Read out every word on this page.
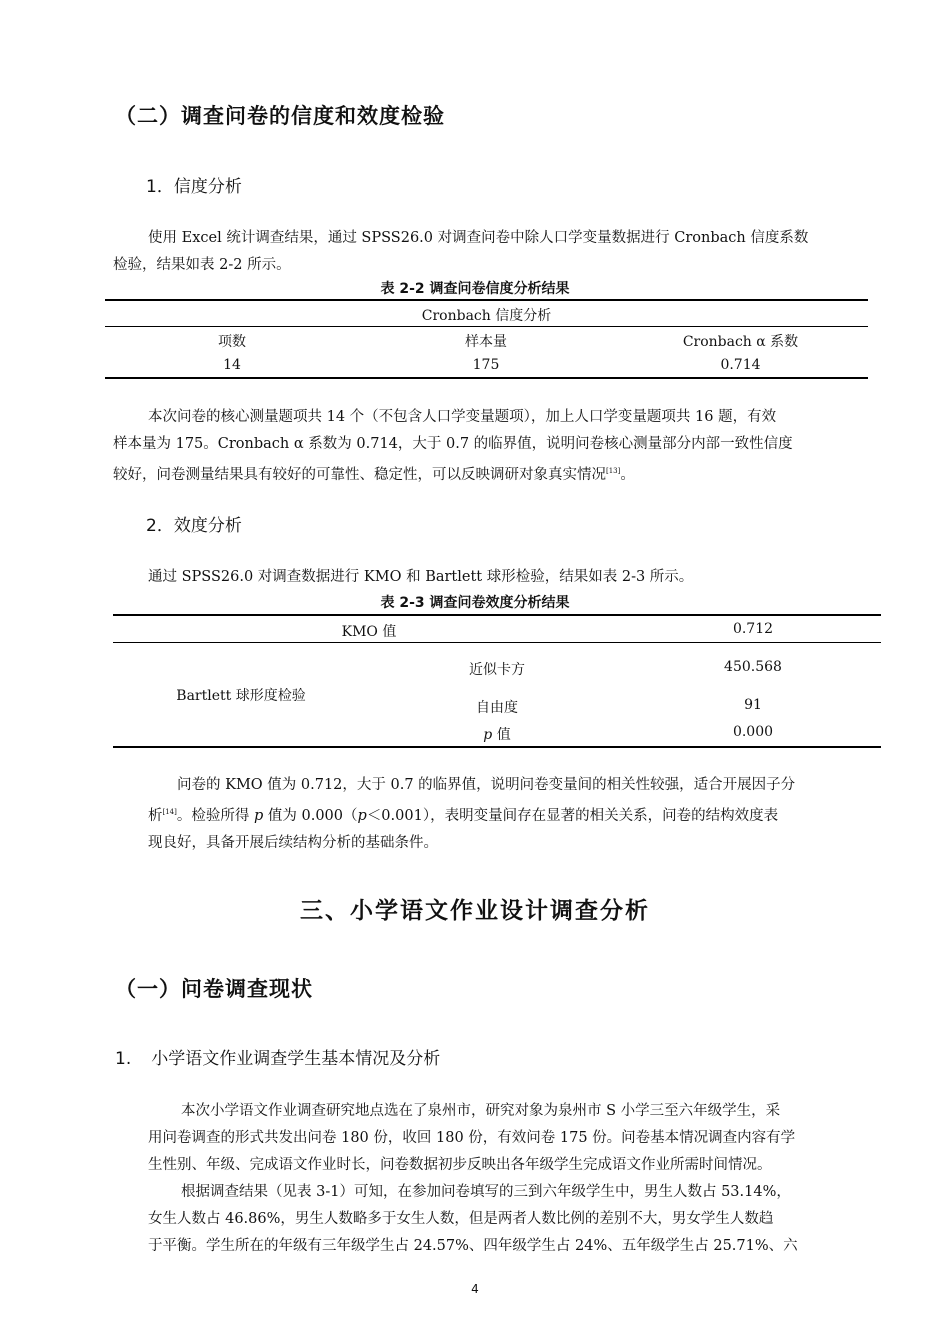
（二）调查问卷的信度和效度检验
1．信度分析

使用 Excel 统计调查结果，通过 SPSS26.0 对调查问卷中除人口学变量数据进行 Cronbach 信度系数

检验，结果如表 2-2 所示。

表 2-2 调查问卷信度分析结果
Cronbach 信度分析
项数	样本量	Cronbach α 系数
14	175	0.714

本次问卷的核心测量题项共 14 个（不包含人口学变量题项），加上人口学变量题项共 16 题，有效

样本量为 175。Cronbach α 系数为 0.714，大于 0.7 的临界值，说明问卷核心测量部分内部一致性信度

较好，问卷测量结果具有较好的可靠性、稳定性，可以反映调研对象真实情况[13]。

2．效度分析

通过 SPSS26.0 对调查数据进行 KMO 和 Bartlett 球形检验，结果如表 2-3 所示。

表 2-3 调查问卷效度分析结果
KMO 值	0.712
Bartlett 球形度检验
近似卡方	450.568
自由度	91
p 值	0.000

问卷的 KMO 值为 0.712，大于 0.7 的临界值，说明问卷变量间的相关性较强，适合开展因子分

析[14]。检验所得 p 值为 0.000（p＜0.001），表明变量间存在显著的相关关系，问卷的结构效度表

现良好，具备开展后续结构分析的基础条件。

三、小学语文作业设计调查分析
（一）问卷调查现状
1. 小学语文作业调查学生基本情况及分析

本次小学语文作业调查研究地点选在了泉州市，研究对象为泉州市 S 小学三至六年级学生，采

用问卷调查的形式共发出问卷 180 份，收回 180 份，有效问卷 175 份。问卷基本情况调查内容有学

生性别、年级、完成语文作业时长，问卷数据初步反映出各年级学生完成语文作业所需时间情况。

根据调查结果（见表 3-1）可知，在参加问卷填写的三到六年级学生中，男生人数占 53.14%，

女生人数占 46.86%，男生人数略多于女生人数，但是两者人数比例的差别不大，男女学生人数趋

于平衡。学生所在的年级有三年级学生占 24.57%、四年级学生占 24%、五年级学生占 25.71%、六

4
